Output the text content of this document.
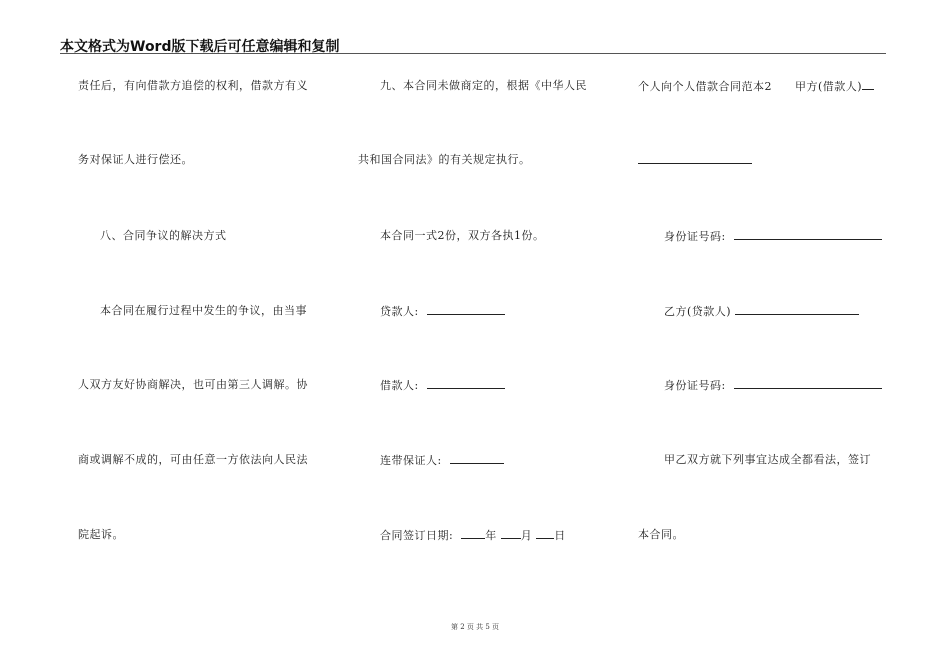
本文格式为Word版下载后可任意编辑和复制
责任后，有向借款方追偿的权利，借款方有义
务对保证人进行偿还。
八、合同争议的解决方式
本合同在履行过程中发生的争议，由当事
人双方友好协商解决，也可由第三人调解。协
商或调解不成的，可由任意一方依法向人民法
院起诉。
九、本合同未做商定的，根据《中华人民
共和国合同法》的有关规定执行。
本合同一式2份，双方各执1份。
贷款人:
借款人:
连带保证人:
合同签订日期:	年 月 日
个人向个人借款合同范本2　　甲方(借款人)
身份证号码:
乙方(贷款人)
身份证号码:
甲乙双方就下列事宜达成全都看法，签订
本合同。
第 2 页 共 5 页
